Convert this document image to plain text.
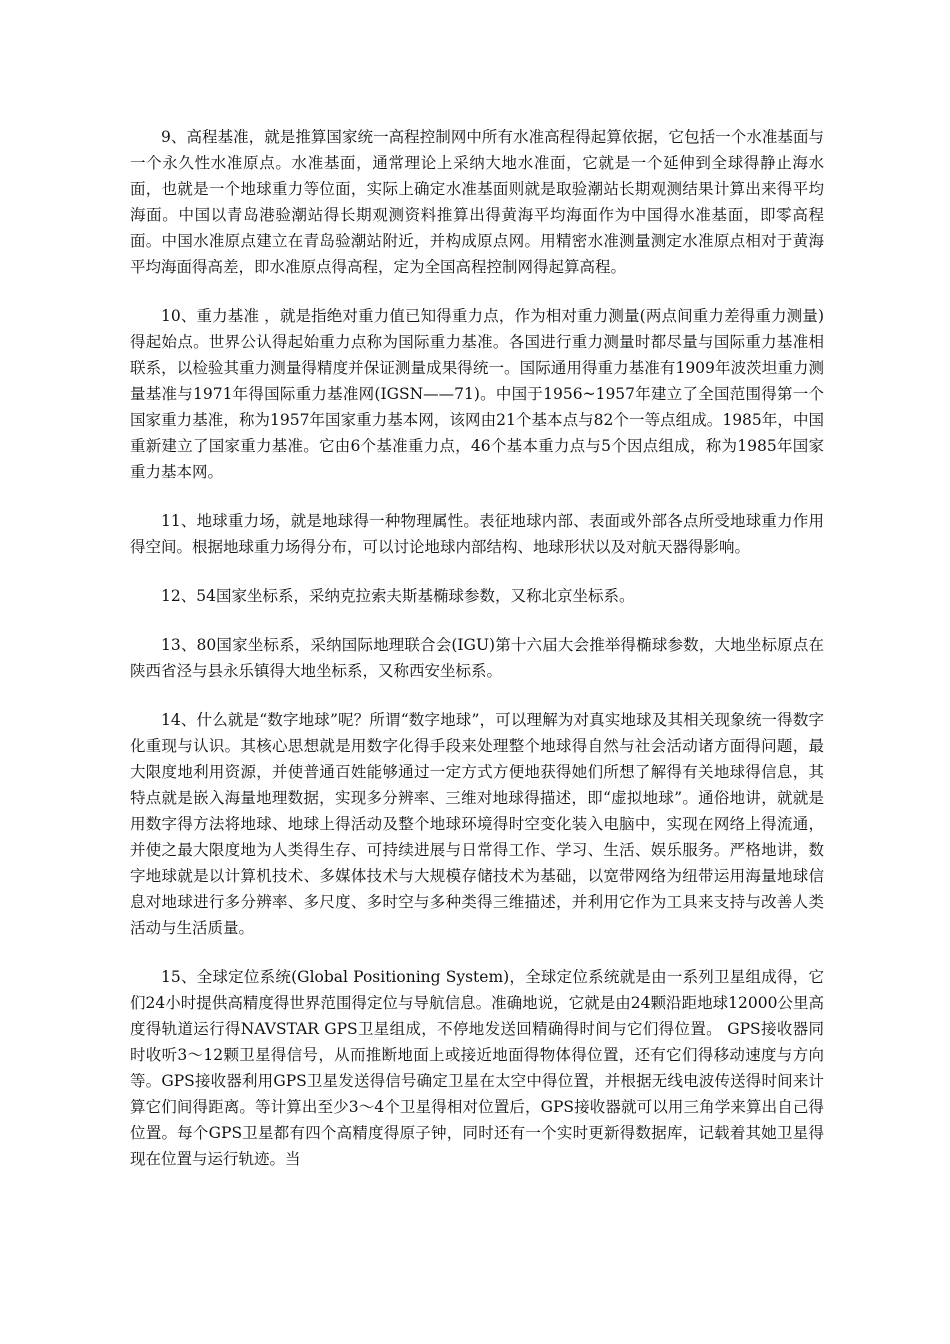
9、高程基准，就是推算国家统一高程控制网中所有水准高程得起算依据，它包括一个水准基面与一个永久性水准原点。水准基面，通常理论上采纳大地水准面，它就是一个延伸到全球得静止海水面，也就是一个地球重力等位面，实际上确定水准基面则就是取验潮站长期观测结果计算出来得平均海面。中国以青岛港验潮站得长期观测资料推算出得黄海平均海面作为中国得水准基面，即零高程面。中国水准原点建立在青岛验潮站附近，并构成原点网。用精密水准测量测定水准原点相对于黄海平均海面得高差，即水准原点得高程，定为全国高程控制网得起算高程。

10、重力基准 ，就是指绝对重力值已知得重力点，作为相对重力测量(两点间重力差得重力测量)得起始点。世界公认得起始重力点称为国际重力基准。各国进行重力测量时都尽量与国际重力基准相联系，以检验其重力测量得精度并保证测量成果得统一。国际通用得重力基准有1909年波茨坦重力测量基准与1971年得国际重力基准网(IGSN——71)。中国于1956~1957年建立了全国范围得第一个国家重力基准，称为1957年国家重力基本网，该网由21个基本点与82个一等点组成。1985年，中国重新建立了国家重力基准。它由6个基准重力点，46个基本重力点与5个因点组成，称为1985年国家重力基本网。

11、地球重力场，就是地球得一种物理属性。表征地球内部、表面或外部各点所受地球重力作用得空间。根据地球重力场得分布，可以讨论地球内部结构、地球形状以及对航天器得影响。

12、54国家坐标系，采纳克拉索夫斯基椭球参数，又称北京坐标系。

13、80国家坐标系，采纳国际地理联合会(IGU)第十六届大会推举得椭球参数，大地坐标原点在陕西省泾与县永乐镇得大地坐标系，又称西安坐标系。

14、什么就是“数字地球”呢？所谓“数字地球”，可以理解为对真实地球及其相关现象统一得数字化重现与认识。其核心思想就是用数字化得手段来处理整个地球得自然与社会活动诸方面得问题，最大限度地利用资源，并使普通百姓能够通过一定方式方便地获得她们所想了解得有关地球得信息，其特点就是嵌入海量地理数据，实现多分辨率、三维对地球得描述，即“虚拟地球”。通俗地讲，就就是用数字得方法将地球、地球上得活动及整个地球环境得时空变化装入电脑中，实现在网络上得流通，并使之最大限度地为人类得生存、可持续进展与日常得工作、学习、生活、娱乐服务。严格地讲，数字地球就是以计算机技术、多媒体技术与大规模存储技术为基础，以宽带网络为纽带运用海量地球信息对地球进行多分辨率、多尺度、多时空与多种类得三维描述，并利用它作为工具来支持与改善人类活动与生活质量。

15、全球定位系统(Global Positioning System)，全球定位系统就是由一系列卫星组成得，它们24小时提供高精度得世界范围得定位与导航信息。准确地说，它就是由24颗沿距地球12000公里高度得轨道运行得NAVSTAR GPS卫星组成，不停地发送回精确得时间与它们得位置。 GPS接收器同时收听3～12颗卫星得信号，从而推断地面上或接近地面得物体得位置，还有它们得移动速度与方向等。GPS接收器利用GPS卫星发送得信号确定卫星在太空中得位置，并根据无线电波传送得时间来计算它们间得距离。等计算出至少3～4个卫星得相对位置后，GPS接收器就可以用三角学来算出自己得位置。每个GPS卫星都有四个高精度得原子钟，同时还有一个实时更新得数据库，记载着其她卫星得现在位置与运行轨迹。当
